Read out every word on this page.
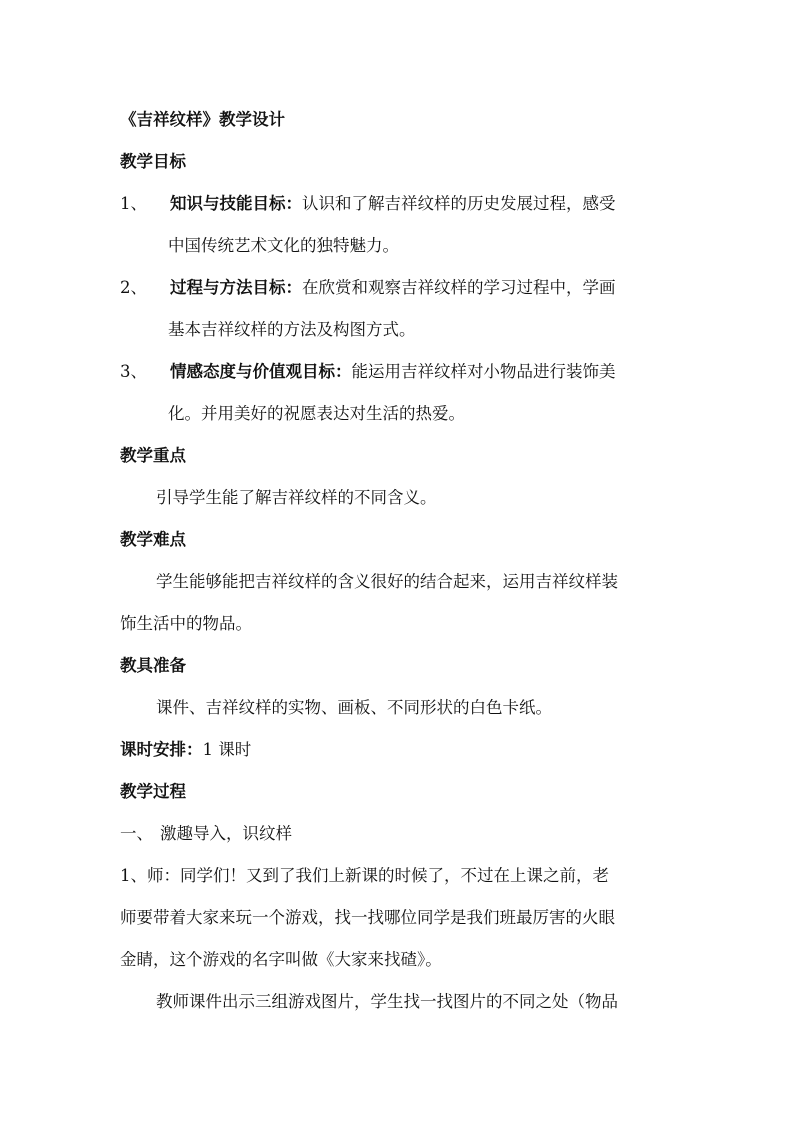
《吉祥纹样》教学设计
教学目标
1、 知识与技能目标：认识和了解吉祥纹样的历史发展过程，感受
中国传统艺术文化的独特魅力。
2、 过程与方法目标：在欣赏和观察吉祥纹样的学习过程中，学画
基本吉祥纹样的方法及构图方式。
3、 情感态度与价值观目标：能运用吉祥纹样对小物品进行装饰美
化。并用美好的祝愿表达对生活的热爱。
教学重点
引导学生能了解吉祥纹样的不同含义。
教学难点
学生能够能把吉祥纹样的含义很好的结合起来，运用吉祥纹样装
饰生活中的物品。
教具准备
课件、吉祥纹样的实物、画板、不同形状的白色卡纸。
课时安排：1 课时
教学过程
一、 激趣导入，识纹样
1、师：同学们！又到了我们上新课的时候了，不过在上课之前，老
师要带着大家来玩一个游戏，找一找哪位同学是我们班最厉害的火眼
金睛，这个游戏的名字叫做《大家来找碴》。
教师课件出示三组游戏图片，学生找一找图片的不同之处（物品
